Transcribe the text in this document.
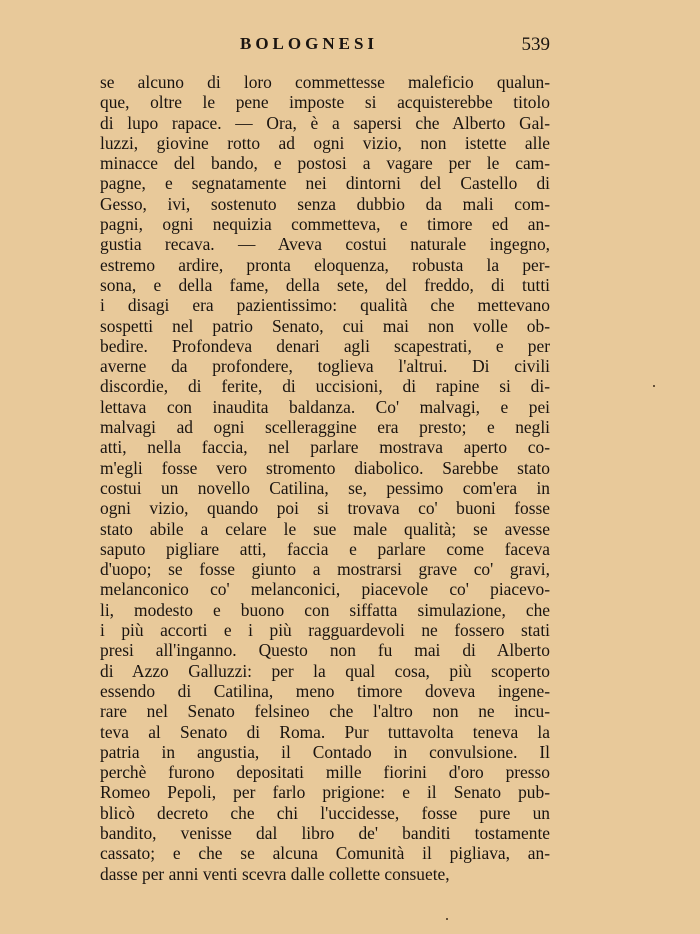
BOLOGNESI	539
se alcuno di loro commettesse maleficio qualun-
que, oltre le pene imposte si acquisterebbe titolo
di lupo rapace. — Ora, è a sapersi che Alberto Gal-
luzzi, giovine rotto ad ogni vizio, non istette alle
minacce del bando, e postosi a vagare per le cam-
pagne, e segnatamente nei dintorni del Castello di
Gesso, ivi, sostenuto senza dubbio da mali com-
pagni, ogni nequizia commetteva, e timore ed an-
gustia recava. — Aveva costui naturale ingegno,
estremo ardire, pronta eloquenza, robusta la per-
sona, e della fame, della sete, del freddo, di tutti
i disagi era pazientissimo: qualità che mettevano
sospetti nel patrio Senato, cui mai non volle ob-
bedire. Profondeva denari agli scapestrati, e per
averne da profondere, toglieva l'altrui. Di civili
discordie, di ferite, di uccisioni, di rapine si di-
lettava con inaudita baldanza. Co' malvagi, e pei
malvagi ad ogni scelleraggine era presto; e negli
atti, nella faccia, nel parlare mostrava aperto co-
m'egli fosse vero stromento diabolico. Sarebbe stato
costui un novello Catilina, se, pessimo com'era in
ogni vizio, quando poi si trovava co' buoni fosse
stato abile a celare le sue male qualità; se avesse
saputo pigliare atti, faccia e parlare come faceva
d'uopo; se fosse giunto a mostrarsi grave co' gravi,
melanconico co' melanconici, piacevole co' piacevo-
li, modesto e buono con siffatta simulazione, che
i più accorti e i più ragguardevoli ne fossero stati
presi all'inganno. Questo non fu mai di Alberto
di Azzo Galluzzi: per la qual cosa, più scoperto
essendo di Catilina, meno timore doveva ingene-
rare nel Senato felsineo che l'altro non ne incu-
teva al Senato di Roma. Pur tuttavolta teneva la
patria in angustia, il Contado in convulsione. Il
perchè furono depositati mille fiorini d'oro presso
Romeo Pepoli, per farlo prigione: e il Senato pub-
blicò decreto che chi l'uccidesse, fosse pure un
bandito, venisse dal libro de' banditi tostamente
cassato; e che se alcuna Comunità il pigliava, an-
dasse per anni venti scevra dalle collette consuete,
